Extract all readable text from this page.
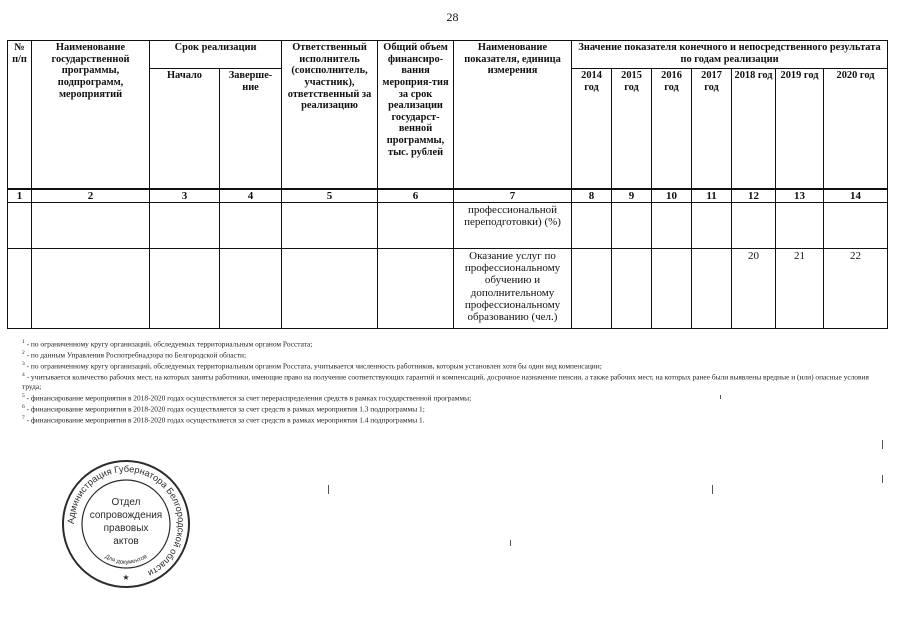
28
№ п/п	Наименование государственной программы, подпрограмм, мероприятий	Срок реализации		Ответственный исполнитель (соисполнитель, участник), ответственный за реализацию	Общий объем финансиро-вания мероприя-тия за срок реализации государст-венной программы, тыс. рублей	Наименование показателя, единица измерения	Значение показателя конечного и непосредственного результата по годам реализации						
		Начало	Заверше-ние				2014 год	2015 год	2016 год	2017 год	2018 год	2019 год	2020 год
1	2	3	4	5	6	7	8	9	10	11	12	13	14
						профессиональной переподготовки) (%)							
						Оказание услуг по профессиональному обучению и дополнительному профессиональному образованию (чел.)					20	21	22

$^1$ - по ограниченному кругу организаций, обследуемых территориальным органом Росстата;

$^2$ - по данным Управления Роспотребнадзора по Белгородской области;

$^3$ - по ограниченному кругу организаций, обследуемых территориальным органом Росстата, учитывается численность работников, которым установлен хотя бы один вид компенсации;

$^4$ - учитывается количество рабочих мест, на которых заняты работники, имеющие право на получение соответствующих гарантий и компенсаций, досрочное назначение пенсии, а также рабочих мест, на которых ранее были выявлены вредные и (или) опасные условия труда;

$^5$ - финансирование мероприятия в 2018-2020 годах осуществляется за счет перераспределения средств в рамках государственной программы;

$^6$ - финансирование мероприятия в 2018-2020 годах осуществляется за счет средств в рамках мероприятия 1.3 подпрограммы 1;

$^7$ - финансирование мероприятия в 2018-2020 годах осуществляется за счет средств в рамках мероприятия 1.4 подпрограммы 1.

Администрация Губернатора Белгородской области
Отдел
сопровождения
правовых
актов
Для документов
★
